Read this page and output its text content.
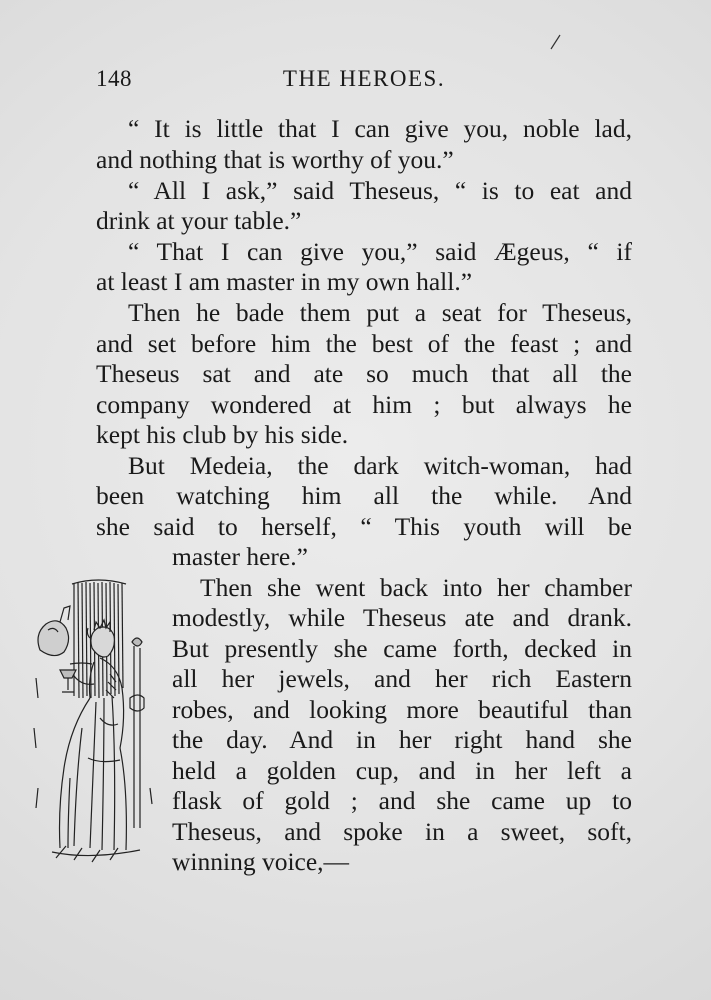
148	THE HEROES.
“ It is little that I can give you, noble lad,
and nothing that is worthy of you.”
“ All I ask,” said Theseus, “ is to eat and
drink at your table.”
“ That I can give you,” said Ægeus, “ if
at least I am master in my own hall.”
Then he bade them put a seat for Theseus,
and set before him the best of the feast ; and
Theseus sat and ate so much that all the
company wondered at him ; but always he
kept his club by his side.
But Medeia, the dark witch-woman, had
been watching him all the while. And
she said to herself, “ This youth will be
master here.”
Then she went back into her chamber
modestly, while Theseus ate and drank.
But presently she came forth, decked in
all her jewels, and her rich Eastern
robes, and looking more beautiful than
the day. And in her right hand she
held a golden cup, and in her left a
flask of gold ; and she came up to
Theseus, and spoke in a sweet, soft,
winning voice,—
